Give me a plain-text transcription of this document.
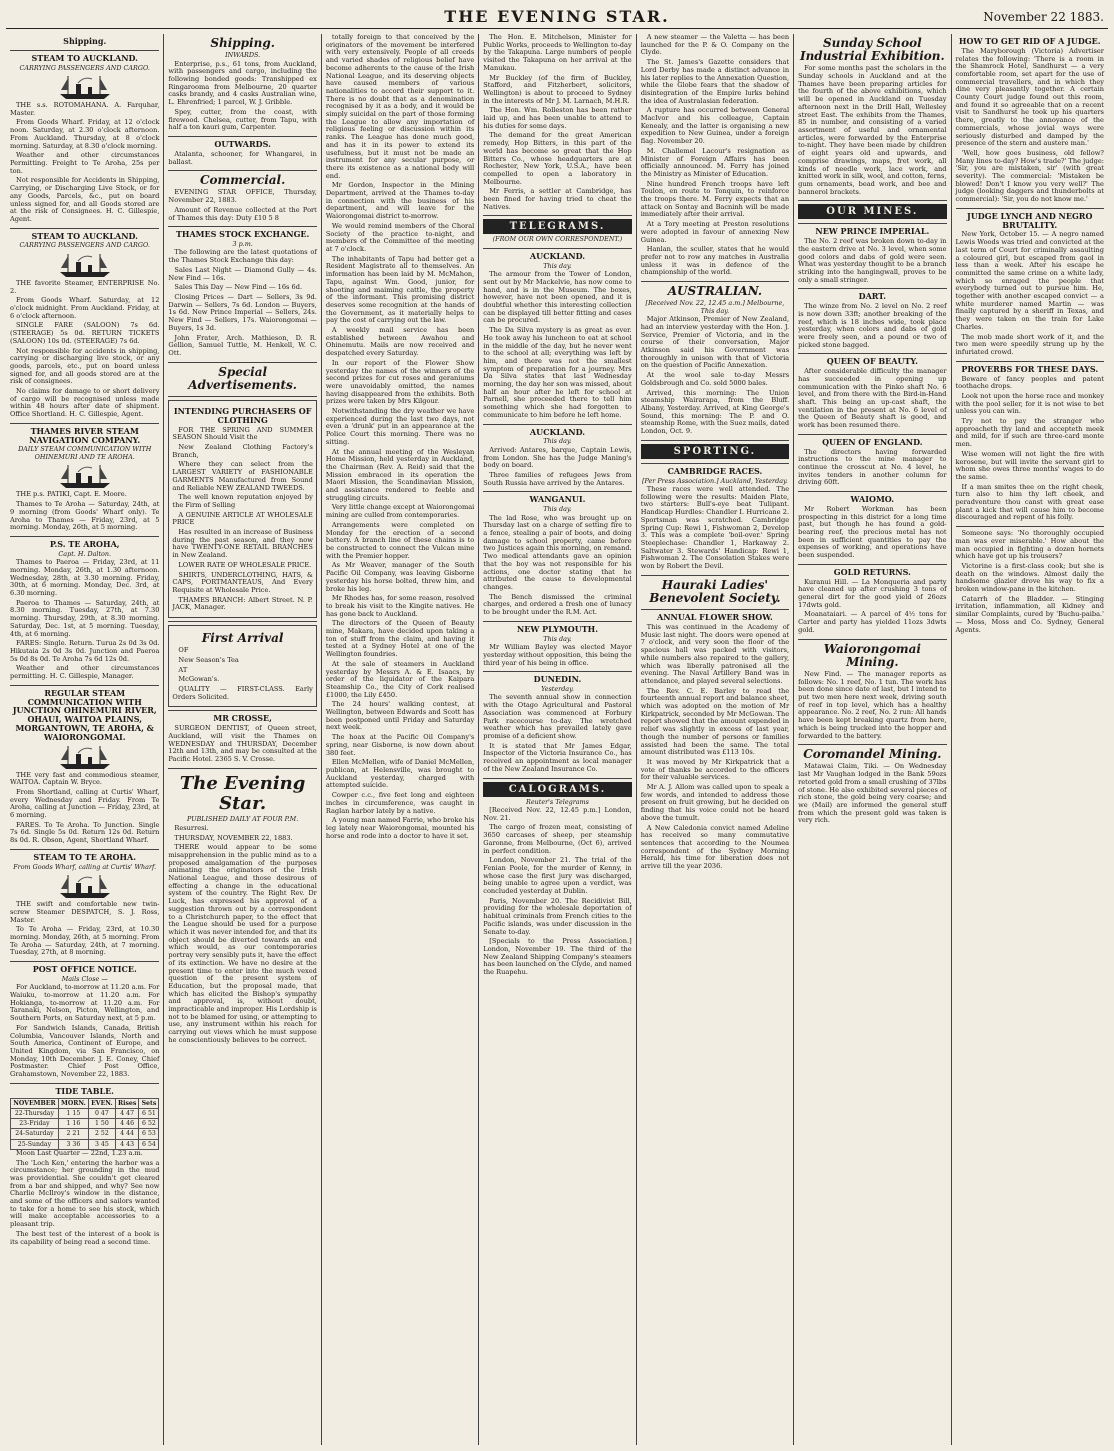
THE EVENING STAR.	November 22 1883.
Shipping.
STEAM TO AUCKLAND.
CARRYING PASSENGERS AND CARGO.

THE s.s. ROTOMAHANA. A. Farquhar, Master.

From Goods Wharf. Friday, at 12 o'clock noon. Saturday, at 2.30 o'clock afternoon. From Auckland. Thursday, at 8 o'clock morning. Saturday, at 8.30 o'clock morning.

Weather and other circumstances Permitting. Freight to Te Aroha, 25s per ton.

Not responsible for Accidents in Shipping, Carrying, or Discharging Live Stock, or for any Goods, Parcels, &c., put on board unless signed for, and all Goods stored are at the risk of Consignees. H. C. Gillespie, Agent.

STEAM TO AUCKLAND.
CARRYING PASSENGERS AND CARGO.

THE favorite Steamer, ENTERPRISE No. 2.

From Goods Wharf. Saturday, at 12 o'clock midnight. From Auckland. Friday, at 6 o'clock afternoon.

SINGLE FARE (SALOON) 7s 6d. (STEERAGE) 5s 0d. RETURN TICKETS (SALOON) 10s 0d. (STEERAGE) 7s 6d.

Not responsible for accidents in shipping, carrying or discharging live stock, or any goods, parcels, etc., put on board unless signed for, and all goods stored are at the risk of consignees.

No claims for damage to or short delivery of cargo will be recognised unless made within 48 hours after date of shipment. Office Shortland. H. C. Gillespie, Agent.

THAMES RIVER STEAM NAVIGATION COMPANY.
DAILY STEAM COMMUNICATION WITH OHINEMURI AND TE AROHA.

THE p.s. PATIKI, Capt. E. Moore.

Thames to Te Aroha — Saturday, 24th, at 9 morning (from Goods' Wharf only). Te Aroha to Thames — Friday, 23rd, at 5 morning. Monday, 26th, at 5 morning.

P.S. TE AROHA,
Capt. H. Dalton.

Thames to Paeroa — Friday, 23rd, at 11 morning. Monday, 26th, at 1.30 afternoon. Wednesday, 28th, at 3.30 morning. Friday, 30th, at 6 morning. Monday, Dec. 3rd, at 6.30 morning.

Paeroa to Thames — Saturday, 24th, at 8.30 morning. Tuesday, 27th, at 7.30 morning. Thursday, 29th, at 8.30 morning. Saturday, Dec. 1st, at 5 morning. Tuesday, 4th, at 6 morning.

FARES: Single. Return. Turua 2s 0d 3s 0d. Hikutaia 2s 0d 3s 0d. Junction and Paeroa 5s 0d 8s 0d. Te Aroha 7s 6d 12s 0d.

Weather and other circumstances permitting. H. C. Gillespie, Manager.

REGULAR STEAM COMMUNICATION WITH JUNCTION OHINEMURI RIVER, OHAUI, WAITOA PLAINS, MORGANTOWN, TE AROHA, & WAIORONGOMAI.

THE very fast and commodious steamer, WAITOA. Captain W. Bryce.

From Shortland, calling at Curtis' Wharf, every Wednesday and Friday. From Te Aroha, calling at Junction — Friday, 23rd, at 6 morning.

FARES. To Te Aroha. To Junction. Single 7s 6d. Single 5s 0d. Return 12s 0d. Return 8s 0d. R. Obson, Agent, Shortland Wharf.

STEAM TO TE AROHA.
From Goods Wharf, calling at Curtis' Wharf.

THE swift and comfortable new twin-screw Steamer DESPATCH, S. J. Ross, Master.

To Te Aroha — Friday, 23rd, at 10.30 morning. Monday, 26th, at 5 morning. From Te Aroha — Saturday, 24th, at 7 morning. Tuesday, 27th, at 8 morning.

POST OFFICE NOTICE.
Mails Close —

For Auckland, to-morrow at 11.20 a.m. For Waiuku, to-morrow at 11.20 a.m. For Hokianga, to-morrow at 11.20 a.m. For Taranaki, Nelson, Picton, Wellington, and Southern Ports, on Saturday next, at 5 p.m.

For Sandwich Islands, Canada, British Columbia, Vancouver Islands, North and South America, Continent of Europe, and United Kingdom, via San Francisco, on Monday, 10th December. J. E. Coney, Chief Postmaster. Chief Post Office, Grahamstown, November 22, 1883.

TIDE TABLE.
NOVEMBER	MORN.	EVEN.	Rises	Sets
22-Thursday	1 15	0 47	4 47	6 51
23-Friday	1 16	1 50	4 46	6 52
24-Saturday	2 21	2 52	4 44	6 53
25-Sunday	3 36	3 45	4 43	6 54

Moon Last Quarter — 22nd, 1.23 a.m.

The 'Loch Ken,' entering the harbor was a circumstance; her grounding in the mud was providential. She couldn't get cleared from a bar and shipped, and why? See now Charlie McIlroy's window in the distance, and some of the officers and sailors wanted to take for a home to see his stock, which will make acceptable accessories to a pleasant trip.

The best test of the interest of a book is its capability of being read a second time.

Shipping.
INWARDS.

Enterprise, p.s., 61 tons, from Auckland, with passengers and cargo, including the following bonded goods: Transhipped ex Ringarooma from Melbourne, 20 quarter casks brandy, and 4 casks Australian wine, L. Ehrenfried; 1 parcel, W. J. Gribble.

Spey, cutter, from the coast, with firewood. Chelsea, cutter, from Tapu, with half a ton kauri gum, Carpenter.

OUTWARDS.

Atalanta, schooner, for Whangarei, in ballast.

Commercial.

EVENING STAR OFFICE, Thursday, November 22, 1883.

Amount of Revenue collected at the Port of Thames this day: Duty £10 5 8

THAMES STOCK EXCHANGE.
3 p.m.

The following are the latest quotations of the Thames Stock Exchange this day:

Sales Last Night — Diamond Gully — 4s. New Find — 16s.

Sales This Day — New Find — 16s 6d.

Closing Prices — Dart — Sellers, 3s 9d. Darwin — Sellers, 7s 6d. London — Buyers, 1s 6d. New Prince Imperial — Sellers, 24s. New Find — Sellers, 17s. Waiorongomai — Buyers, 1s 3d.

John Frater, Arch. Mathieson, D. R. Gellion, Samuel Tuttle, M. Henkell, W. C. Ott.

Special Advertisements.
INTENDING PURCHASERS OF CLOTHING

FOR THE SPRING AND SUMMER SEASON Should Visit the

New Zealand Clothing Factory's Branch,

Where they can select from the LARGEST VARIETY of FASHIONABLE GARMENTS Manufactured from Sound and Reliable NEW ZEALAND TWEEDS.

The well known reputation enjoyed by the Firm of Selling

A GENUINE ARTICLE AT WHOLESALE PRICE

Has resulted in an increase of Business during the past season, and they now have TWENTY-ONE RETAIL BRANCHES in New Zealand.

LOWER RATE OF WHOLESALE PRICE.

SHIRTS, UNDERCLOTHING, HATS, & CAPS, PORTMANTEAUS, And Every Requisite at Wholesale Price.

THAMES BRANCH: Albert Street. N. P. JACK, Manager.

First Arrival

OF

New Season's Tea

AT

McGowan's.

QUALITY — FIRST-CLASS. Early Orders Solicited.

MR CROSSE,

SURGEON DENTIST, of Queen street, Auckland, will visit the Thames on WEDNESDAY and THURSDAY, December 12th and 13th, and may be consulted at the Pacific Hotel. 2365 S. V. Crosse.

The Evening Star.
PUBLISHED DAILY AT FOUR P.M.

Resurresi.

THURSDAY, NOVEMBER 22, 1883.

THERE would appear to be some misapprehension in the public mind as to a proposed amalgamation of the purposes animating the originators of the Irish National League, and those desirous of effecting a change in the educational system of the country. The Right Rev. Dr Luck, has expressed his approval of a suggestion thrown out by a correspondent to a Christchurch paper, to the effect that the League should be used for a purpose which it was never intended for, and that its object should be diverted towards an end which would, as our contemporaries portray very sensibly puts it, have the effect of its extinction. We have no desire at the present time to enter into the much vexed question of the present system of Education, but the proposal made, that which has elicited the Bishop's sympathy and approval, is, without doubt, impracticable and improper. His Lordship is not to be blamed for using, or attempting to use, any instrument within his reach for carrying out views which he must suppose he conscientiously believes to be correct.

totally foreign to that conceived by the originators of the movement be interfered with very extensively. People of all creeds and varied shades of religious belief have become adherents to the cause of the Irish National League, and its deserving objects have caused members of various nationalities to accord their support to it. There is no doubt that as a denomination recognised by it as a body, and it would be simply suicidal on the part of those forming the League to allow any importation of religious feeling or discussion within its ranks. The League has done much good, and has it in its power to extend its usefulness, but it must not be made an instrument for any secular purpose, or there its existence as a national body will end.

Mr Gordon, Inspector in the Mining Department, arrived at the Thames to-day in connection with the business of his department, and will leave for the Waiorongomai district to-morrow.

We would remind members of the Choral Society of the practice to-night, and members of the Committee of the meeting at 7 o'clock.

The inhabitants of Tapu had better get a Resident Magistrate all to themselves. An information has been laid by M. McMahon, Tapu, against Wm. Good, junior, for shooting and maiming cattle, the property of the informant. This promising district deserves some recognition at the hands of the Government, as it materially helps to pay the cost of carrying out the law.

A weekly mail service has been established between Awahou and Ohinemutu. Mails are now received and despatched every Saturday.

In our report of the Flower Show yesterday the names of the winners of the second prizes for cut roses and geraniums were unavoidably omitted, the names having disappeared from the exhibits. Both prizes were taken by Mrs Kilgour.

Notwithstanding the dry weather we have experienced during the last two days, not even a 'drunk' put in an appearance at the Police Court this morning. There was no sitting.

At the annual meeting of the Wesleyan Home Mission, held yesterday in Auckland, the Chairman (Rev. A. Reid) said that the Mission embraced in its operation the Maori Mission, the Scandinavian Mission, and assistance rendered to feeble and struggling circuits.

Very little change except at Waiorongomai mining are culled from contemporaries.

Arrangements were completed on Monday for the erection of a second battery. A branch line of these chains is to be constructed to connect the Vulcan mine with the Premier hopper.

As Mr Weaver, manager of the South Pacific Oil Company, was leaving Gisborne yesterday his horse bolted, threw him, and broke his leg.

Mr Rhodes has, for some reason, resolved to break his visit to the Kingite natives. He has gone back to Auckland.

The directors of the Queen of Beauty mine, Makara, have decided upon taking a ton of stuff from the claim, and having it tested at a Sydney Hotel at one of the Wellington foundries.

At the sale of steamers in Auckland yesterday by Messrs A. & E. Isaacs, by order of the liquidator of the Kaipara Steamship Co., the City of Cork realised £1000, the Lily £450.

The 24 hours' walking contest, at Wellington, between Edwards and Scott has been postponed until Friday and Saturday next week.

The hoax at the Pacific Oil Company's spring, near Gisborne, is now down about 380 feet.

Ellen McMellen, wife of Daniel McMellen, publican, at Helensville, was brought to Auckland yesterday, charged with attempted suicide.

Cowper c.c., five feet long and eighteen inches in circumference, was caught in Raglan harbor lately by a native.

A young man named Farrie, who broke his leg lately near Waiorongomai, mounted his horse and rode into a doctor to have it set.

The Hon. E. Mitchelson, Minister for Public Works, proceeds to Wellington to-day by the Takapuna. Large numbers of people visited the Takapuna on her arrival at the Manukau.

Mr Buckley (of the firm of Buckley, Stafford, and Fitzherbert, solicitors, Wellington) is about to proceed to Sydney in the interests of Mr J. M. Larnach, M.H.R.

The Hon. Wm. Rolleston has been rather laid up, and has been unable to attend to his duties for some days.

The demand for the great American remedy, Hop Bitters, in this part of the world has become so great that the Hop Bitters Co., whose headquarters are at Rochester, New York, U.S.A., have been compelled to open a laboratory in Melbourne.

Mr Ferris, a settler at Cambridge, has been fined for having tried to cheat the Natives.

TELEGRAMS.
(FROM OUR OWN CORRESPONDENT.)
AUCKLAND.
This day.

The armour from the Tower of London, sent out by Mr Mackelvie, has now come to hand, and is in the Museum. The boxes, however, have not been opened, and it is doubtful whether this interesting collection can be displayed till better fitting and cases can be procured.

The Da Silva mystery is as great as ever. He took away his luncheon to eat at school in the middle of the day, but he never went to the school at all; everything was left by him, and there was not the smallest symptom of preparation for a journey. Mrs Da Silva states that last Wednesday morning, the day her son was missed, about half an hour after he left for school at Parnell, she proceeded there to tell him something which she had forgotten to communicate to him before he left home.

AUCKLAND.
This day.

Arrived: Antares, barque, Captain Lewis, from London. She has the Judge Maning's body on board.

Three families of refugees Jews from South Russia have arrived by the Antares.

WANGANUI.
This day.

The lad Rose, who was brought up on Thursday last on a charge of setting fire to a fence, stealing a pair of boots, and doing damage to school property, came before two Justices again this morning, on remand. Two medical attendants gave an opinion that the boy was not responsible for his actions, one doctor stating that he attributed the cause to developmental changes.

The Bench dismissed the criminal charges, and ordered a fresh one of lunacy to be brought under the R.M. Act.

NEW PLYMOUTH.
This day.

Mr William Bayley was elected Mayor yesterday without opposition, this being the third year of his being in office.

DUNEDIN.
Yesterday.

The seventh annual show in connection with the Otago Agricultural and Pastoral Association was commenced at Forbury Park racecourse to-day. The wretched weather which has prevailed lately gave promise of a deficient show.

It is stated that Mr James Edgar, Inspector of the Victoria Insurance Co., has received an appointment as local manager of the New Zealand Insurance Co.

CALOGRAMS.
Reuter's Telegrams

[Received Nov. 22, 12.45 p.m.] London, Nov. 21.

The cargo of frozen meat, consisting of 3650 carcases of sheep, per steamship Garonne, from Melbourne, (Oct 6), arrived in perfect condition.

London, November 21. The trial of the Fenian Poole, for the murder of Kenny, in whose case the first jury was discharged, being unable to agree upon a verdict, was concluded yesterday at Dublin.

Paris, November 20. The Recidivist Bill, providing for the wholesale deportation of habitual criminals from French cities to the Pacific islands, was under discussion in the Senate to-day.

[Specials to the Press Association.] London, November 19. The third of the New Zealand Shipping Company's steamers has been launched on the Clyde, and named the Ruapehu.

A new steamer — the Valetta — has been launched for the P. & O. Company on the Clyde.

The St. James's Gazette considers that Lord Derby has made a distinct advance in his later replies to the Annexation Question, while the Globe fears that the shadow of disintegration of the Empire lurks behind the idea of Australasian federation.

A rupture has occurred between General MacIvor and his colleague, Captain Kenealy, and the latter is organising a new expedition to New Guinea, under a foreign flag. November 20.

M. Challemel Lacour's resignation as Minister of Foreign Affairs has been officially announced. M. Ferry has joined the Ministry as Minister of Education.

Nine hundred French troops have left Toulon, en route to Tonquin, to reinforce the troops there. M. Ferry expects that an attack on Sontay and Bacninh will be made immediately after their arrival.

At a Tory meeting at Preston resolutions were adopted in favour of annexing New Guinea.

Hanlan, the sculler, states that he would prefer not to row any matches in Australia unless it was in defence of the championship of the world.

AUSTRALIAN.
[Received Nov. 22, 12.45 a.m.] Melbourne, This day.

Major Atkinson, Premier of New Zealand, had an interview yesterday with the Hon. J. Service, Premier of Victoria, and in the course of their conversation, Major Atkinson said his Government was thoroughly in unison with that of Victoria on the question of Pacific Annexation.

At the wool sale to-day Messrs Goldsbrough and Co. sold 5000 bales.

Arrived, this morning: The Union steamship Wairarapa, from the Bluff. Albany, Yesterday. Arrived, at King George's Sound, this morning: The P. and O. steamship Rome, with the Suez mails, dated London, Oct. 9.

SPORTING.
CAMBRIDGE RACES.
[Per Press Association.] Auckland, Yesterday.

These races were well attended. The following were the results: Maiden Plate, two starters: Bull's-eye beat Tulipant. Handicap Hurdles: Chandler I. Hurricane 2. Sportsman was scratched. Cambridge Spring Cup: Rewi 1, Fishwoman 2, Develop 3. This was a complete 'boil-over.' Spring Steeplechase: Chandler 1, Harkaway 2. Saltwater 3. Stewards' Handicap: Rewi 1, Fishwoman 2. The Consolation Stakes were won by Robert the Devil.

Hauraki Ladies' Benevolent Society.
ANNUAL FLOWER SHOW.

This was continued in the Academy of Music last night. The doors were opened at 7 o'clock, and very soon the floor of the spacious hall was packed with visitors, while numbers also repaired to the gallery, which was liberally patronised all the evening. The Naval Artillery Band was in attendance, and played several selections.

The Rev. C. E. Barley to read the fourteenth annual report and balance sheet, which was adopted on the motion of Mr Kirkpatrick, seconded by Mr McGowan. The report showed that the amount expended in relief was slightly in excess of last year, though the number of persons or families assisted had been the same. The total amount distributed was £113 10s.

It was moved by Mr Kirkpatrick that a vote of thanks be accorded to the officers for their valuable services.

Mr A. J. Allom was called upon to speak a few words, and intended to address those present on fruit growing, but he decided on finding that his voice could not be heard above the tumult.

A New Caledonia convict named Adeline has received so many commutative sentences that according to the Noumea correspondent of the Sydney Morning Herald, his time for liberation does not arrive till the year 2036.

Sunday School Industrial Exhibition.

For some months past the scholars in the Sunday schools in Auckland and at the Thames have been preparing articles for the fourth of the above exhibitions, which will be opened in Auckland on Tuesday afternoon next in the Drill Hall, Wellesley street East. The exhibits from the Thames, 85 in number, and consisting of a varied assortment of useful and ornamental articles, were forwarded by the Enterprise to-night. They have been made by children of eight years old and upwards, and comprise drawings, maps, fret work, all kinds of needle work, lace work, and knitted work in silk, wool, and cotton, ferns, gum ornaments, bead work, and bee and bannerol brackets.

OUR MINES.
NEW PRINCE IMPERIAL.

The No. 2 reef was broken down to-day in the eastern drive at No. 3 level, when some good colors and dabs of gold were seen. What was yesterday thought to be a branch striking into the hangingwall, proves to be only a small stringer.

DART.

The winze from No. 2 level on No. 2 reef is now down 33ft; another breaking of the reef, which is 18 inches wide, took place yesterday, when colors and dabs of gold were freely seen, and a pound or two of picked stone bagged.

QUEEN OF BEAUTY.

After considerable difficulty the manager has succeeded in opening up communication with the Pinko shaft No. 6 level, and from there with the Bird-in-Hand shaft. This being an up-cast shaft, the ventilation in the present at No. 6 level of the Queen of Beauty shaft is good, and work has been resumed there.

QUEEN OF ENGLAND.

The directors having forwarded instructions to the mine manager to continue the crosscut at No. 4 level, he invites tenders in another column for driving 60ft.

WAIOMO.

Mr Robert Workman has been prospecting in this district for a long time past, but though he has found a gold-bearing reef, the precious metal has not been in sufficient quantities to pay the expenses of working, and operations have been suspended.

GOLD RETURNS.

Kuranui Hill. — La Monqueria and party have cleaned up after crushing 3 tons of general dirt for the good yield of 26ozs 17dwts gold.

Moanataiari. — A parcel of 4½ tons for Carter and party has yielded 11ozs 3dwts gold.

Waiorongomai Mining.

New Find. — The manager reports as follows: No. 1 reef, No. 1 tun. The work has been done since date of last, but I intend to put two men here next week, driving south of reef in top level, which has a healthy appearance. No. 2 reef, No. 2 run: All hands have been kept breaking quartz from here, which is being trucked into the hopper and forwarded to the battery.

Coromandel Mining.

Matawai Claim, Tiki. — On Wednesday last Mr Vaughan lodged in the Bank 59ozs retorted gold from a small crushing of 37lbs of stone. He also exhibited several pieces of rich stone, the gold being very coarse; and we (Mail) are informed the general stuff from which the present gold was taken is very rich.

HOW TO GET RID OF A JUDGE.

The Maryborough (Victoria) Advertiser relates the following: 'There is a room in the Shamrock Hotel, Sandhurst — a very comfortable room, set apart for the use of commercial travellers, and in which they dine very pleasantly together. A certain County Court judge found out this room, and found it so agreeable that on a recent visit to Sandhurst he took up his quarters there, greatly to the annoyance of the commercials, whose jovial ways were seriously disturbed and damped by the presence of the stern and austere man.'

'Well, how goes business, old fellow? Many lines to-day? How's trade?' The judge: 'Sir, you are mistaken, sir' (with great severity). The commercial: 'Mistaken be blowed! Don't I know you very well?' The judge (looking daggers and thunderbolts at commercial): 'Sir, you do not know me.'

JUDGE LYNCH AND NEGRO BRUTALITY.

New York, October 15. — A negro named Lewis Woods was tried and convicted at the last term of Court for criminally assaulting a coloured girl, but escaped from gaol in less than a week. After his escape he committed the same crime on a white lady, which so enraged the people that everybody turned out to pursue him. He, together with another escaped convict — a white murderer named Martin — was finally captured by a sheriff in Texas, and they were taken on the train for Lake Charles.

The mob made short work of it, and the two men were speedily strung up by the infuriated crowd.

PROVERBS FOR THESE DAYS.

Beware of fancy peoples and patent toothache drops.

Look not upon the horse race and monkey with the pool seller, for it is not wise to bet unless you can win.

Try not to pay the stranger who approacheth thy land and accepteth meek and mild, for if such are three-card monte men.

Wise women will not light the fire with kerosene, but will invite the servant girl to whom she owes three months' wages to do the same.

If a man smites thee on the right cheek, turn also to him thy left cheek, and peradventure thou canst with great ease plant a kick that will cause him to become discouraged and repent of his folly.

Someone says: 'No thoroughly occupied man was ever miserable.' How about the man occupied in fighting a dozen hornets which have got up his trousers?

Victorine is a first-class cook; but she is death on the windows. Almost daily the handsome glazier drove his way to fix a broken window-pane in the kitchen.

Catarrh of the Bladder. — Stinging irritation, inflammation, all Kidney and similar Complaints, cured by 'Buchu-paiba.' — Moss, Moss and Co. Sydney, General Agents.
